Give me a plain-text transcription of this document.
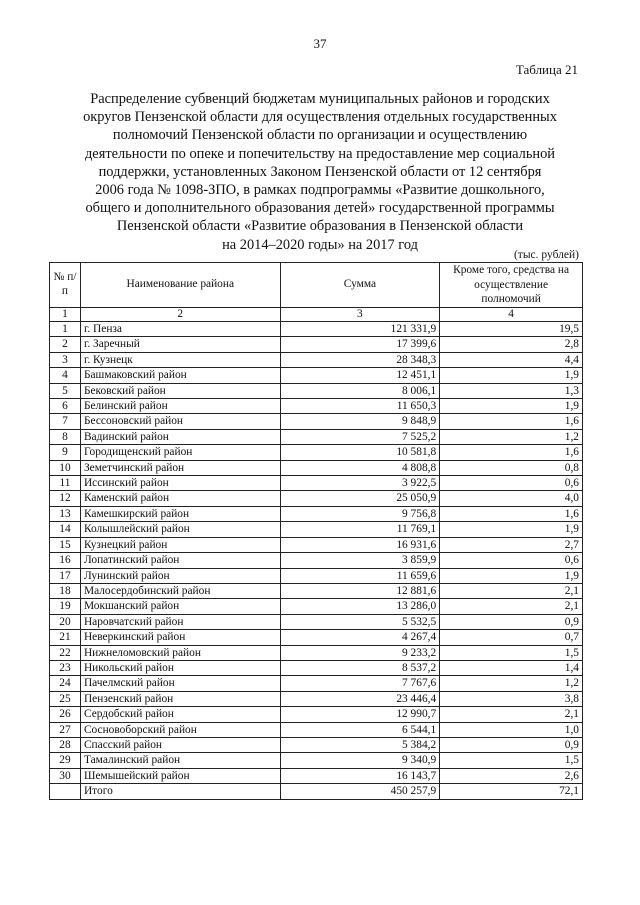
37
Таблица 21
Распределение субвенций бюджетам муниципальных районов и городских
округов Пензенской области для осуществления отдельных государственных
полномочий Пензенской области по организации и осуществлению
деятельности по опеке и попечительству на предоставление мер социальной
поддержки, установленных Законом Пензенской области от 12 сентября
2006 года № 1098-ЗПО, в рамках подпрограммы «Развитие дошкольного,
общего и дополнительного образования детей» государственной программы
Пензенской области «Развитие образования в Пензенской области
на 2014–2020 годы» на 2017 год
(тыс. рублей)
№ п/п	Наименование района	Сумма	Кроме того, средства на осуществление полномочий
1	2	3	4
1	г. Пенза	121 331,9	19,5
2	г. Заречный	17 399,6	2,8
3	г. Кузнецк	28 348,3	4,4
4	Башмаковский район	12 451,1	1,9
5	Бековский район	8 006,1	1,3
6	Белинский район	11 650,3	1,9
7	Бессоновский район	9 848,9	1,6
8	Вадинский район	7 525,2	1,2
9	Городищенский район	10 581,8	1,6
10	Земетчинский район	4 808,8	0,8
11	Иссинский район	3 922,5	0,6
12	Каменский район	25 050,9	4,0
13	Камешкирский район	9 756,8	1,6
14	Колышлейский район	11 769,1	1,9
15	Кузнецкий район	16 931,6	2,7
16	Лопатинский район	3 859,9	0,6
17	Лунинский район	11 659,6	1,9
18	Малосердобинский район	12 881,6	2,1
19	Мокшанский район	13 286,0	2,1
20	Наровчатский район	5 532,5	0,9
21	Неверкинский район	4 267,4	0,7
22	Нижнеломовский район	9 233,2	1,5
23	Никольский район	8 537,2	1,4
24	Пачелмский район	7 767,6	1,2
25	Пензенский район	23 446,4	3,8
26	Сердобский район	12 990,7	2,1
27	Сосновоборский район	6 544,1	1,0
28	Спасский район	5 384,2	0,9
29	Тамалинский район	9 340,9	1,5
30	Шемышейский район	16 143,7	2,6
	Итого	450 257,9	72,1
